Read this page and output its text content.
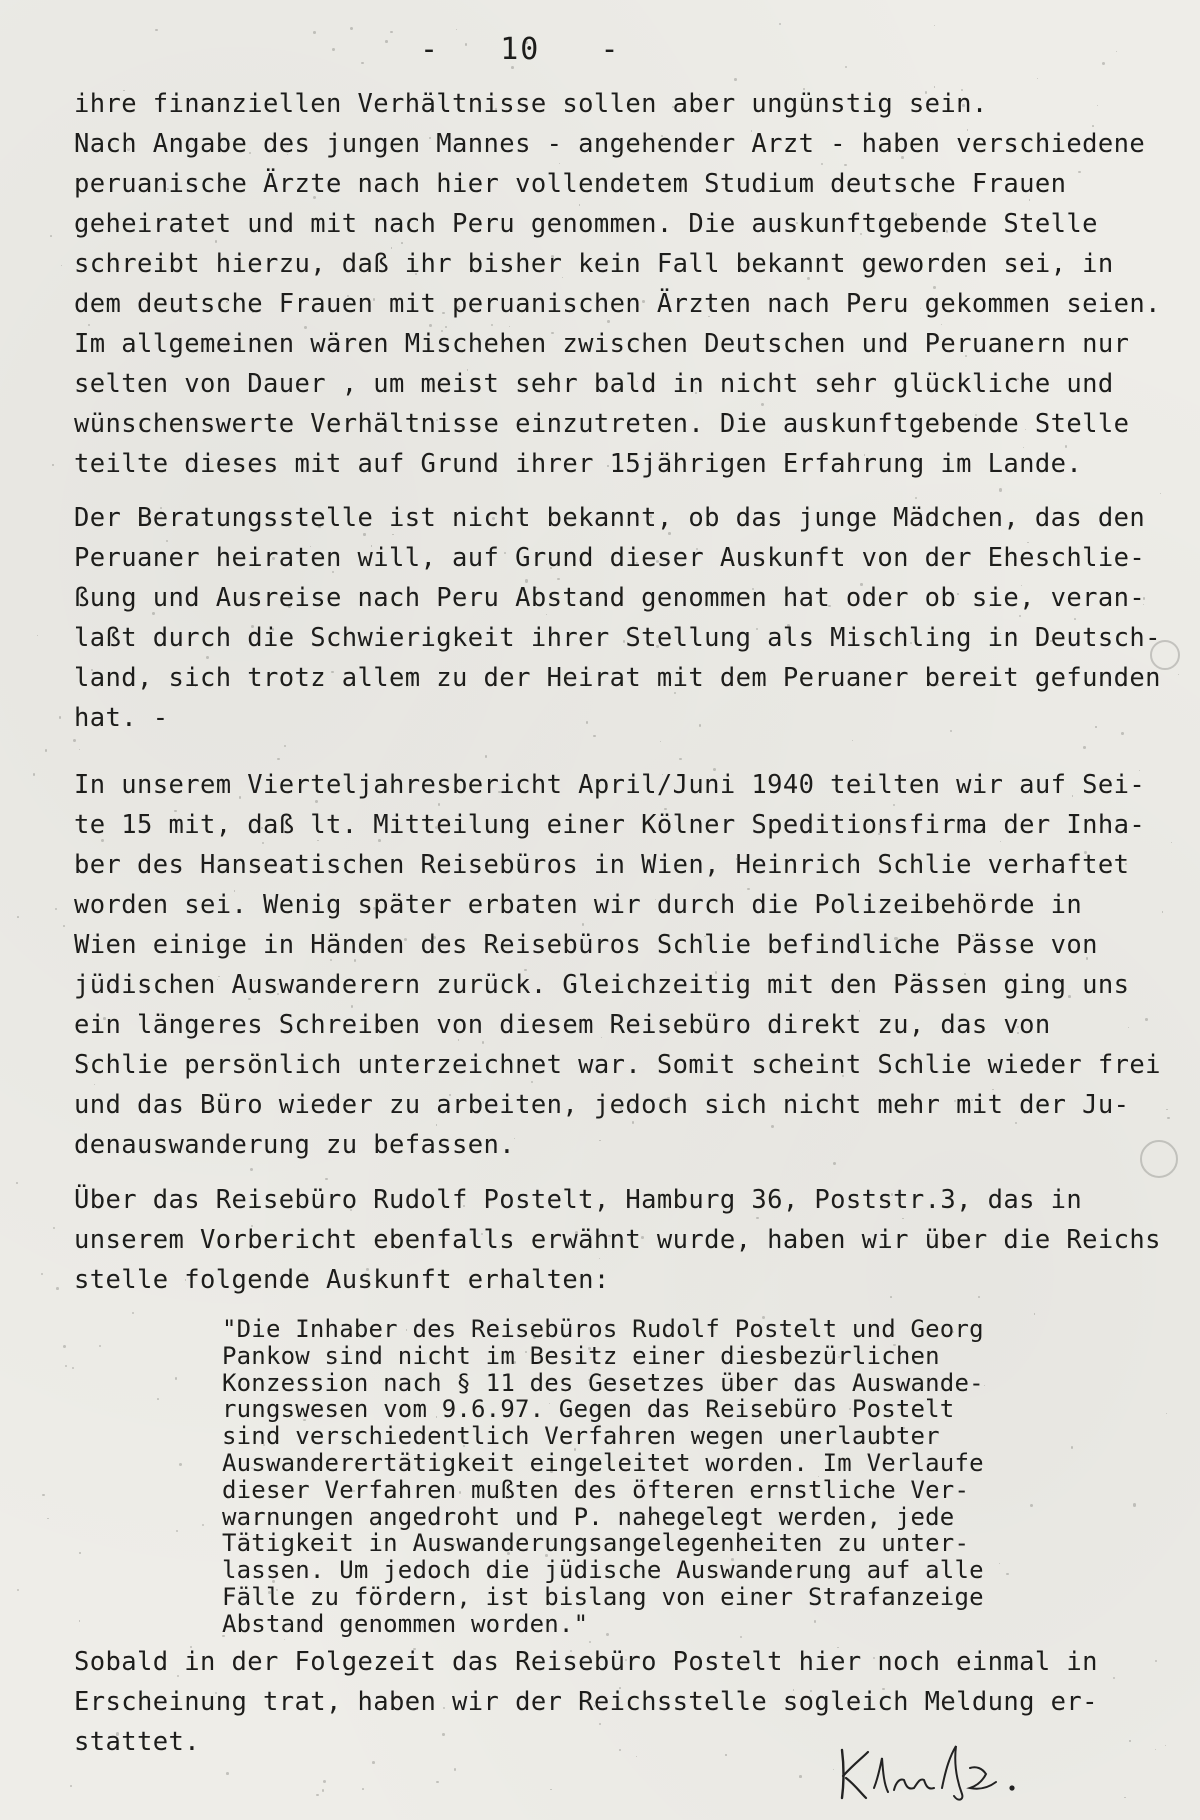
-   10   -
ihre finanziellen Verhältnisse sollen aber ungünstig sein.
Nach Angabe des jungen Mannes - angehender Arzt - haben verschiedene
peruanische Ärzte nach hier vollendetem Studium deutsche Frauen
geheiratet und mit nach Peru genommen. Die auskunftgebende Stelle
schreibt hierzu, daß ihr bisher kein Fall bekannt geworden sei, in
dem deutsche Frauen mit peruanischen Ärzten nach Peru gekommen seien.
Im allgemeinen wären Mischehen zwischen Deutschen und Peruanern nur
selten von Dauer , um meist sehr bald in nicht sehr glückliche und
wünschenswerte Verhältnisse einzutreten. Die auskunftgebende Stelle
teilte dieses mit auf Grund ihrer 15jährigen Erfahrung im Lande.
Der Beratungsstelle ist nicht bekannt, ob das junge Mädchen, das den
Peruaner heiraten will, auf Grund dieser Auskunft von der Eheschlie-
ßung und Ausreise nach Peru Abstand genommen hat oder ob sie, veran-
laßt durch die Schwierigkeit ihrer Stellung als Mischling in Deutsch-
land, sich trotz allem zu der Heirat mit dem Peruaner bereit gefunden
hat. -
In unserem Vierteljahresbericht April/Juni 1940 teilten wir auf Sei-
te 15 mit, daß lt. Mitteilung einer Kölner Speditionsfirma der Inha-
ber des Hanseatischen Reisebüros in Wien, Heinrich Schlie verhaftet
worden sei. Wenig später erbaten wir durch die Polizeibehörde in
Wien einige in Händen des Reisebüros Schlie befindliche Pässe von
jüdischen Auswanderern zurück. Gleichzeitig mit den Pässen ging uns
ein längeres Schreiben von diesem Reisebüro direkt zu, das von
Schlie persönlich unterzeichnet war. Somit scheint Schlie wieder frei
und das Büro wieder zu arbeiten, jedoch sich nicht mehr mit der Ju-
denauswanderung zu befassen.
Über das Reisebüro Rudolf Postelt, Hamburg 36, Poststr.3, das in
unserem Vorbericht ebenfalls erwähnt wurde, haben wir über die Reichs
stelle folgende Auskunft erhalten:
"Die Inhaber des Reisebüros Rudolf Postelt und Georg
Pankow sind nicht im Besitz einer diesbezürlichen
Konzession nach § 11 des Gesetzes über das Auswande-
rungswesen vom 9.6.97. Gegen das Reisebüro Postelt
sind verschiedentlich Verfahren wegen unerlaubter
Auswanderertätigkeit eingeleitet worden. Im Verlaufe
dieser Verfahren mußten des öfteren ernstliche Ver-
warnungen angedroht und P. nahegelegt werden, jede
Tätigkeit in Auswanderungsangelegenheiten zu unter-
lassen. Um jedoch die jüdische Auswanderung auf alle
Fälle zu fördern, ist bislang von einer Strafanzeige
Abstand genommen worden."
Sobald in der Folgezeit das Reisebüro Postelt hier noch einmal in
Erscheinung trat, haben wir der Reichsstelle sogleich Meldung er-
stattet.
